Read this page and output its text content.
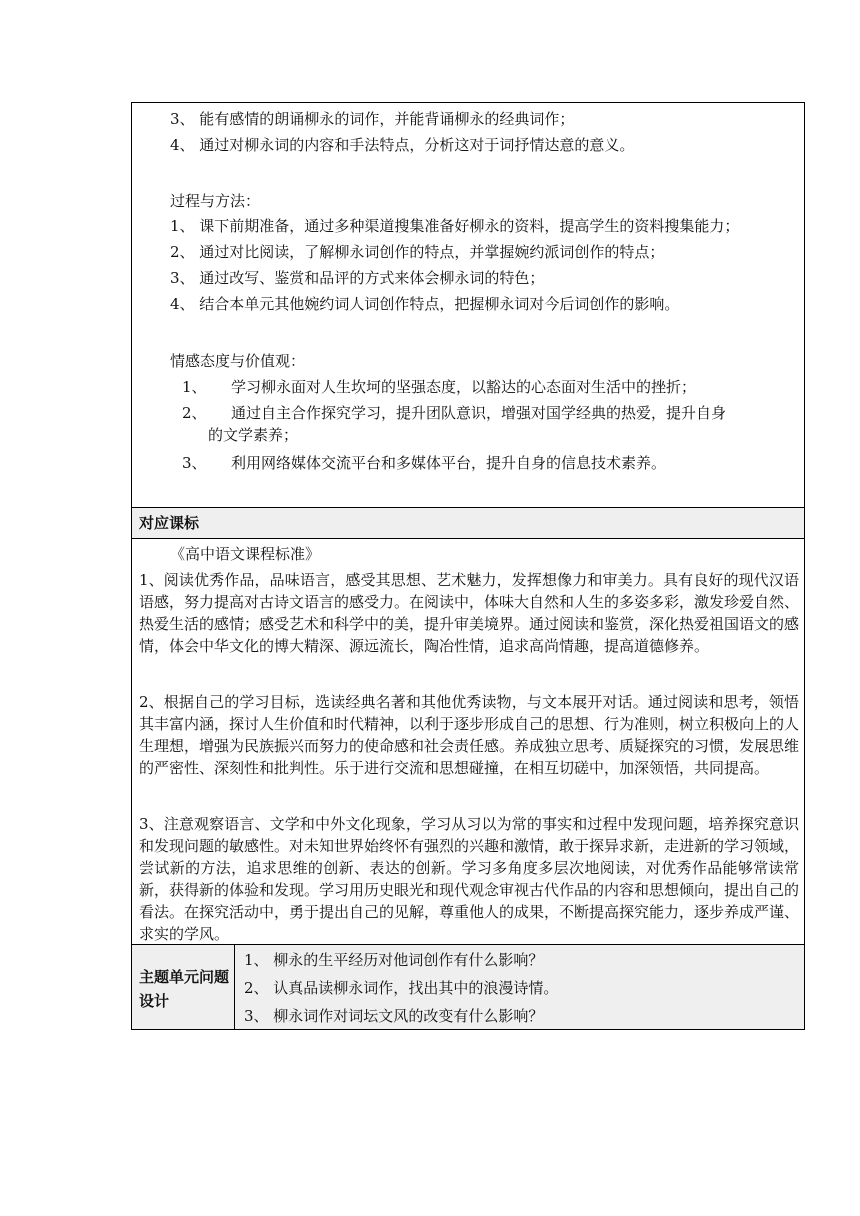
3、 能有感情的朗诵柳永的词作，并能背诵柳永的经典词作；
4、 通过对柳永词的内容和手法特点，分析这对于词抒情达意的意义。
过程与方法：
1、 课下前期准备，通过多种渠道搜集准备好柳永的资料，提高学生的资料搜集能力；
2、 通过对比阅读，了解柳永词创作的特点，并掌握婉约派词创作的特点；
3、 通过改写、鉴赏和品评的方式来体会柳永词的特色；
4、 结合本单元其他婉约词人词创作特点，把握柳永词对今后词创作的影响。
情感态度与价值观：
1、 学习柳永面对人生坎坷的坚强态度，以豁达的心态面对生活中的挫折；
2、 通过自主合作探究学习，提升团队意识，增强对国学经典的热爱，提升自身
的文学素养；
3、 利用网络媒体交流平台和多媒体平台，提升自身的信息技术素养。
对应课标
《高中语文课程标准》
1、阅读优秀作品，品味语言，感受其思想、艺术魅力，发挥想像力和审美力。具有良好的现代汉语语感，努力提高对古诗文语言的感受力。在阅读中，体味大自然和人生的多姿多彩，激发珍爱自然、热爱生活的感情；感受艺术和科学中的美，提升审美境界。通过阅读和鉴赏，深化热爱祖国语文的感情，体会中华文化的博大精深、源远流长，陶冶性情，追求高尚情趣，提高道德修养。
2、根据自己的学习目标，选读经典名著和其他优秀读物，与文本展开对话。通过阅读和思考，领悟其丰富内涵，探讨人生价值和时代精神，以利于逐步形成自己的思想、行为准则，树立积极向上的人生理想，增强为民族振兴而努力的使命感和社会责任感。养成独立思考、质疑探究的习惯，发展思维的严密性、深刻性和批判性。乐于进行交流和思想碰撞，在相互切磋中，加深领悟，共同提高。
3、注意观察语言、文学和中外文化现象，学习从习以为常的事实和过程中发现问题，培养探究意识和发现问题的敏感性。对未知世界始终怀有强烈的兴趣和激情，敢于探异求新，走进新的学习领域，尝试新的方法，追求思维的创新、表达的创新。学习多角度多层次地阅读，对优秀作品能够常读常新，获得新的体验和发现。学习用历史眼光和现代观念审视古代作品的内容和思想倾向，提出自己的看法。在探究活动中，勇于提出自己的见解，尊重他人的成果，不断提高探究能力，逐步养成严谨、求实的学风。
主题单元问题设计
1、 柳永的生平经历对他词创作有什么影响？
2、 认真品读柳永词作，找出其中的浪漫诗情。
3、 柳永词作对词坛文风的改变有什么影响？
